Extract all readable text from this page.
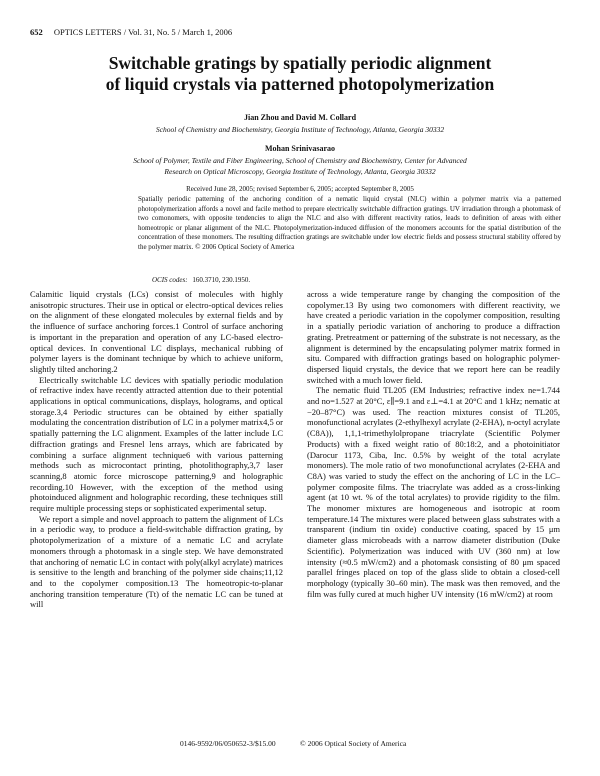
652 OPTICS LETTERS / Vol. 31, No. 5 / March 1, 2006
Switchable gratings by spatially periodic alignment
of liquid crystals via patterned photopolymerization
Jian Zhou and David M. Collard
School of Chemistry and Biochemistry, Georgia Institute of Technology, Atlanta, Georgia 30332
Mohan Srinivasarao
School of Polymer, Textile and Fiber Engineering, School of Chemistry and Biochemistry, Center for Advanced
Research on Optical Microscopy, Georgia Institute of Technology, Atlanta, Georgia 30332
Received June 28, 2005; revised September 6, 2005; accepted September 8, 2005

Spatially periodic patterning of the anchoring condition of a nematic liquid crystal (NLC) within a polymer matrix via a patterned photopolymerization affords a novel and facile method to prepare electrically switchable diffraction gratings. UV irradiation through a photomask of two comonomers, with opposite tendencies to align the NLC and also with different reactivity ratios, leads to definition of areas with either homeotropic or planar alignment of the NLC. Photopolymerization-induced diffusion of the monomers accounts for the spatial distribution of the concentration of these monomers. The resulting diffraction gratings are switchable under low electric fields and possess structural stability offered by the polymer matrix. © 2006 Optical Society of America

OCIS codes: 160.3710, 230.1950.

Calamitic liquid crystals (LCs) consist of molecules with highly anisotropic structures. Their use in optical or electro-optical devices relies on the alignment of these elongated molecules by external fields and by the influence of surface anchoring forces.1 Control of surface anchoring is important in the preparation and operation of any LC-based electro-optical devices. In conventional LC displays, mechanical rubbing of polymer layers is the dominant technique by which to achieve uniform, slightly tilted anchoring.2

Electrically switchable LC devices with spatially periodic modulation of refractive index have recently attracted attention due to their potential applications in optical communications, displays, holograms, and optical storage.3,4 Periodic structures can be obtained by either spatially modulating the concentration distribution of LC in a polymer matrix4,5 or spatially patterning the LC alignment. Examples of the latter include LC diffraction gratings and Fresnel lens arrays, which are fabricated by combining a surface alignment technique6 with various patterning methods such as microcontact printing, photolithography,3,7 laser scanning,8 atomic force microscope patterning,9 and holographic recording.10 However, with the exception of the method using photoinduced alignment and holographic recording, these techniques still require multiple processing steps or sophisticated experimental setup.

We report a simple and novel approach to pattern the alignment of LCs in a periodic way, to produce a field-switchable diffraction grating, by photopolymerization of a mixture of a nematic LC and acrylate monomers through a photomask in a single step. We have demonstrated that anchoring of nematic LC in contact with poly(alkyl acrylate) matrices is sensitive to the length and branching of the polymer side chains;11,12 and to the copolymer composition.13 The homeotropic-to-planar anchoring transition temperature (Tt) of the nematic LC can be tuned at will

across a wide temperature range by changing the composition of the copolymer.13 By using two comonomers with different reactivity, we have created a periodic variation in the copolymer composition, resulting in a spatially periodic variation of anchoring to produce a diffraction grating. Pretreatment or patterning of the substrate is not necessary, as the alignment is determined by the encapsulating polymer matrix formed in situ. Compared with diffraction gratings based on holographic polymer-dispersed liquid crystals, the device that we report here can be readily switched with a much lower field.

The nematic fluid TL205 (EM Industries; refractive index ne=1.744 and no=1.527 at 20°C, ε∥=9.1 and ε⊥=4.1 at 20°C and 1 kHz; nematic at −20–87°C) was used. The reaction mixtures consist of TL205, monofunctional acrylates (2-ethylhexyl acrylate (2-EHA), n-octyl acrylate (C8A)), 1,1,1-trimethylolpropane triacrylate (Scientific Polymer Products) with a fixed weight ratio of 80:18:2, and a photoinitiator (Darocur 1173, Ciba, Inc. 0.5% by weight of the total acrylate monomers). The mole ratio of two monofunctional acrylates (2-EHA and C8A) was varied to study the effect on the anchoring of LC in the LC–polymer composite films. The triacrylate was added as a cross-linking agent (at 10 wt. % of the total acrylates) to provide rigidity to the film. The monomer mixtures are homogeneous and isotropic at room temperature.14 The mixtures were placed between glass substrates with a transparent (indium tin oxide) conductive coating, spaced by 15 μm diameter glass microbeads with a narrow diameter distribution (Duke Scientific). Polymerization was induced with UV (360 nm) at low intensity (≈0.5 mW/cm2) and a photomask consisting of 80 μm spaced parallel fringes placed on top of the glass slide to obtain a closed-cell morphology (typically 30–60 min). The mask was then removed, and the film was fully cured at much higher UV intensity (16 mW/cm2) at room

0146-9592/06/050652-3/$15.00	© 2006 Optical Society of America
